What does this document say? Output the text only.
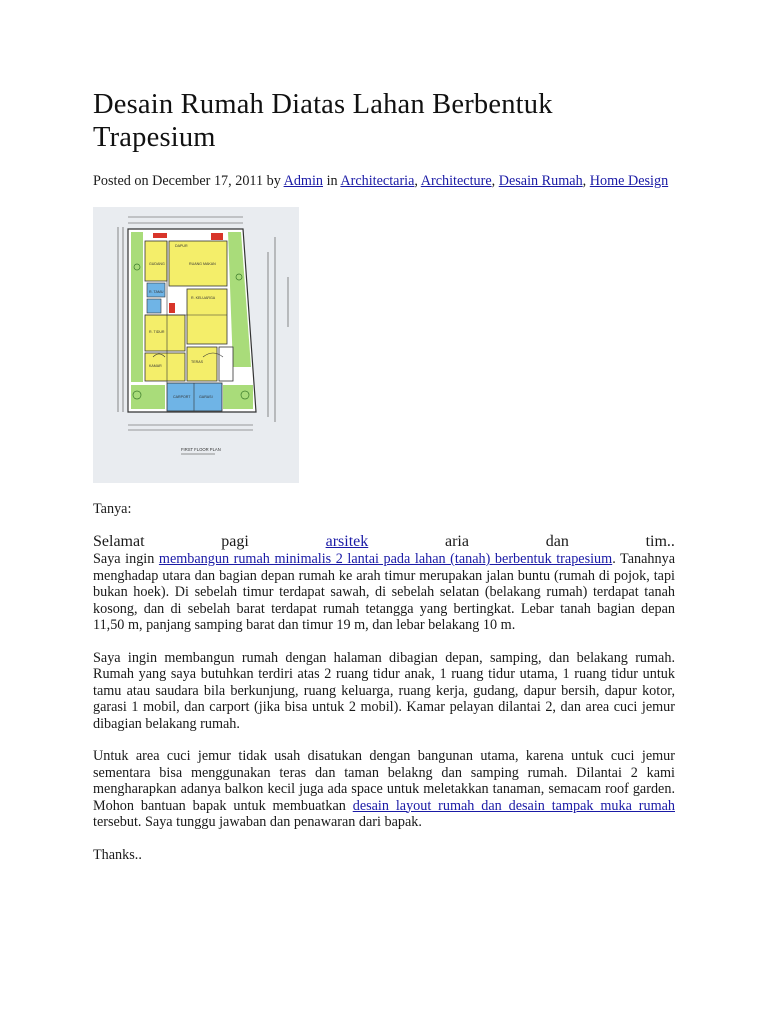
Desain Rumah Diatas Lahan Berbentuk Trapesium
Posted on December 17, 2011 by Admin in Architectaria, Architecture, Desain Rumah, Home Design
DAPUR
RUANG MAKAN
R. KELUARGA
R. TIDUR
KAMAR
TERAS
CARPORT GARASI
GUDANG
R. TAMU
FIRST FLOOR PLAN
Tanya:
Selamat	pagi	arsitek	aria	dan	tim..

Saya ingin membangun rumah minimalis 2 lantai pada lahan (tanah) berbentuk trapesium. Tanahnya menghadap utara dan bagian depan rumah ke arah timur merupakan jalan buntu (rumah di pojok, tapi bukan hoek). Di sebelah timur terdapat sawah, di sebelah selatan (belakang rumah) terdapat tanah kosong, dan di sebelah barat terdapat rumah tetangga yang bertingkat. Lebar tanah bagian depan 11,50 m, panjang samping barat dan timur 19 m, dan lebar belakang 10 m.

Saya ingin membangun rumah dengan halaman dibagian depan, samping, dan belakang rumah. Rumah yang saya butuhkan terdiri atas 2 ruang tidur anak, 1 ruang tidur utama, 1 ruang tidur untuk tamu atau saudara bila berkunjung, ruang keluarga, ruang kerja, gudang, dapur bersih, dapur kotor, garasi 1 mobil, dan carport (jika bisa untuk 2 mobil). Kamar pelayan dilantai 2, dan area cuci jemur dibagian belakang rumah.

Untuk area cuci jemur tidak usah disatukan dengan bangunan utama, karena untuk cuci jemur sementara bisa menggunakan teras dan taman belakng dan samping rumah. Dilantai 2 kami mengharapkan adanya balkon kecil juga ada space untuk meletakkan tanaman, semacam roof garden. Mohon bantuan bapak untuk membuatkan desain layout rumah dan desain tampak muka rumah tersebut. Saya tunggu jawaban dan penawaran dari bapak.

Thanks..
